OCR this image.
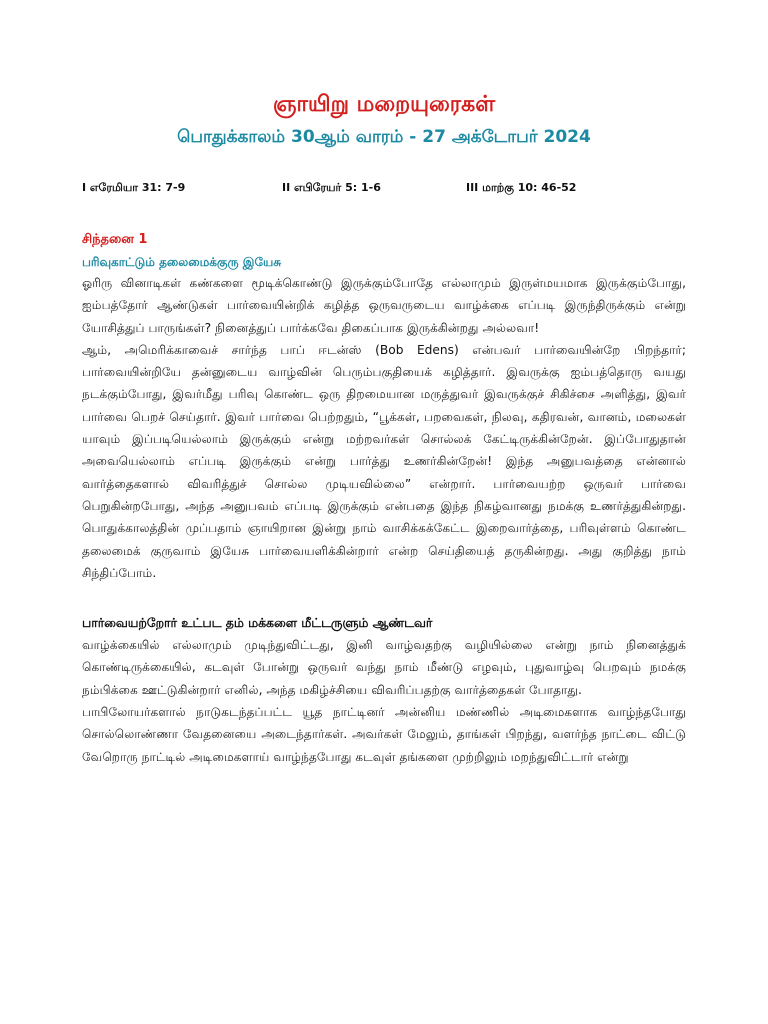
ஞாயிறு மறையுரைகள்
பொதுக்காலம் 30ஆம் வாரம் - 27 அக்டோபர் 2024
I எரேமியா 31: 7-9	II எபிரேயர் 5: 1-6	III மாற்கு 10: 46-52
சிந்தனை 1
பரிவுகாட்டும் தலைமைக்குரு இயேசு

ஓரிரு வினாடிகள் கண்களை மூடிக்கொண்டு இருக்கும்போதே எல்லாமும் இருள்மயமாக இருக்கும்போது, ஐம்பத்தோர் ஆண்டுகள் பார்வையின்றிக் கழித்த ஒருவருடைய வாழ்க்கை எப்படி இருந்திருக்கும் என்று யோசித்துப் பாருங்கள்? நினைத்துப் பார்க்கவே திகைப்பாக இருக்கின்றது அல்லவா!

ஆம், அமெரிக்காவைச் சார்ந்த பாப் ஈடன்ஸ் (Bob Edens) என்பவர் பார்வையின்றே பிறந்தார்; பார்வையின்றியே தன்னுடைய வாழ்வின் பெரும்பகுதியைக் கழித்தார். இவருக்கு ஐம்பத்தொரு வயது நடக்கும்போது, இவர்மீது பரிவு கொண்ட ஒரு திறமையான மருத்துவர் இவருக்குச் சிகிச்சை அளித்து, இவர் பார்வை பெறச் செய்தார். இவர் பார்வை பெற்றதும், “பூக்கள், பறவைகள், நிலவு, கதிரவன், வானம், மலைகள் யாவும் இப்படியெல்லாம் இருக்கும் என்று மற்றவர்கள் சொல்லக் கேட்டிருக்கின்றேன். இப்போதுதான் அவையெல்லாம் எப்படி இருக்கும் என்று பார்த்து உணர்கின்றேன்! இந்த அனுபவத்தை என்னால் வார்த்தைகளால் விவரித்துச் சொல்ல முடியவில்லை” என்றார். பார்வையற்ற ஒருவர் பார்வை பெறுகின்றபோது, அந்த அனுபவம் எப்படி இருக்கும் என்பதை இந்த நிகழ்வானது நமக்கு உணர்த்துகின்றது. பொதுக்காலத்தின் முப்பதாம் ஞாயிறான இன்று நாம் வாசிக்கக்கேட்ட இறைவார்த்தை, பரிவுள்ளம் கொண்ட தலைமைக் குருவாம் இயேசு பார்வையளிக்கின்றார் என்ற செய்தியைத் தருகின்றது. அது குறித்து நாம் சிந்திப்போம்.

பார்வையற்றோர் உட்பட தம் மக்களை மீட்டருளும் ஆண்டவர்

வாழ்க்கையில் எல்லாமும் முடிந்துவிட்டது, இனி வாழ்வதற்கு வழியில்லை என்று நாம் நினைத்துக் கொண்டிருக்கையில், கடவுள் போன்று ஒருவர் வந்து நாம் மீண்டு எழவும், புதுவாழ்வு பெறவும் நமக்கு நம்பிக்கை ஊட்டுகின்றார் எனில், அந்த மகிழ்ச்சியை விவரிப்பதற்கு வார்த்தைகள் போதாது.

பாபிலோயர்களால் நாடுகடந்தப்பட்ட யூத நாட்டினர் அன்னிய மண்ணில் அடிமைகளாக வாழ்ந்தபோது சொல்லொண்ணா வேதனையை அடைந்தார்கள். அவர்கள் மேலும், தாங்கள் பிறந்து, வளர்ந்த நாட்டை விட்டு வேறொரு நாட்டில் அடிமைகளாய் வாழ்ந்தபோது கடவுள் தங்களை முற்றிலும் மறந்துவிட்டார் என்று
